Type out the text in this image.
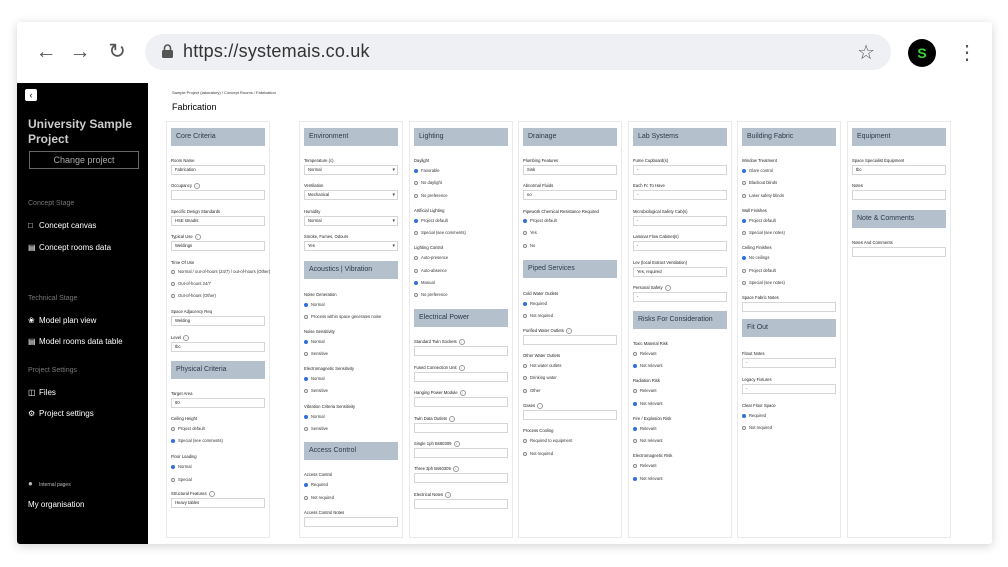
← → ↻	https://systemais.co.uk	☆	S	⋮
‹
University Sample Project
Change project
Concept Stage
□ Concept canvas
▤ Concept rooms data
Technical Stage
❀ Model plan view
▤ Model rooms data table
Project Settings
◫ Files
⚙ Project settings
● Internal pages
My organisation
Sample Project (laboratory) / Concept Rooms / Fabrication
Fabrication
Core Criteria
Room Name
Fabrication
Occupancy i
Specific Design Standards
HSE stnadrs
Typical Use i
Weldings
Time Of Use
Normal / out-of-hours (24/7) / out-of-hours (Other)
Out-of-hours 24/7
Out-of-hours (Other)
Space Adjacency Req
Welding
Level i
tbc
Physical Criteria
Target Area
60
Ceiling Height
Project default
Special (see comments)
Floor Loading
Normal
Special
Structural Features i
Heavy tables
Environment
Temperature (c)
Normal ▾
Ventilation
Mechanical ▾
Humidity
Normal ▾
Smoke, Fumes, Odours
Yes ▾
Acoustics | Vibration
Noise Generation
Normal
Process within space generates noise
Noise Sensitivity
Normal
Sensitive
Electromagnetic Sensitivity
Normal
Sensitive
Vibration Criteria Sensitivity
Normal
Sensitive
Access Control
Access Control
Required
Not required
Access Control Notes
Lighting
Daylight
Favorable
No daylight
No preference
Artificial Lighting
Project default
Special (see comments)
Lighting Control
Auto-presence
Auto-absence
Manual
No preference
Electrical Power
Standard Twin Sockets i
Fused Connection Unit i
Hanging Power Module i
Twin Data Outlets i
Single 1ph Bs60309 i
Three 3ph Bs60309 i
Electrical Notes i
Drainage
Plumbing Features
Sink
Abnormal Fluids
no
Pipework Chemical Resistance Required
Project default
Yes
No
Piped Services
Cold Water Outlets
Required
Not required
Purified Water Outlets i
Other Water Outlets
Hot water outlets
Drinking water
Other
Gases i
Process Cooling
Required to equipment
Not required
Lab Systems
Fume Cupboard(s)
-
Each Fc To Have
-
Microbiological Safety Cab(s)
-
Laminar Flow Cabinet(s)
-
Lev (local Extract Ventilation)
Yes, required
Personal Safety i
-
Risks For Consideration
Toxic Material Risk
Relevant
Not relevant
Radiation Risk
Relevant
Not relevant
Fire / Explosion Risk
Relevant
Not relevant
Electromagnetic Risk
Relevant
Not relevant
Building Fabric
Window Treatment
Glare control
Blackout blinds
Laser safety blinds
Wall Finishes
Project default
Special (see notes)
Ceiling Finishes
No ceilings
Project default
Special (see notes)
Space Fabric Notes
Fit Out
Fitout Notes
-
Legacy Fixtures
-
Clear Floor Space
Required
Not required
Equipment
Space Specialist Equipment
tbc
Notes
Note & Comments
Notes And Comments
